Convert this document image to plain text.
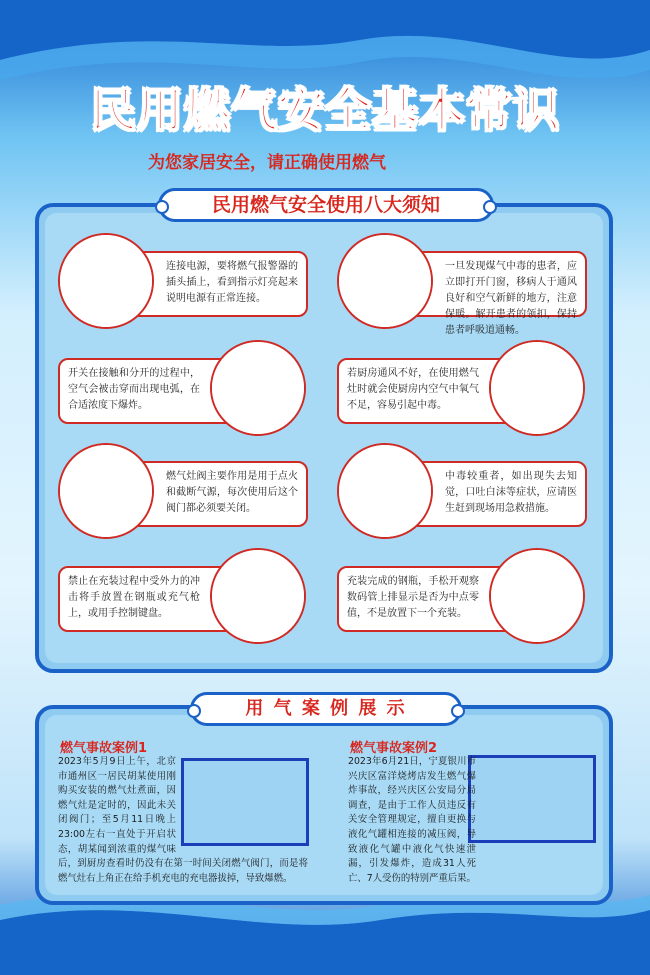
民用燃气安全基本常识
为您家居安全，请正确使用燃气
民用燃气安全使用八大须知
连接电源，要将燃气报警器的插头插上，看到指示灯亮起来说明电源有正常连接。
一旦发现煤气中毒的患者，应立即打开门窗，移病人于通风良好和空气新鲜的地方，注意保暖。解开患者的领扣，保持患者呼吸道通畅。
开关在接触和分开的过程中，空气会被击穿而出现电弧，在合适浓度下爆炸。
若厨房通风不好，在使用燃气灶时就会使厨房内空气中氧气不足，容易引起中毒。
燃气灶阀主要作用是用于点火和截断气源，每次使用后这个阀门都必须要关闭。
中毒较重者，如出现失去知觉，口吐白沫等症状，应请医生赶到现场用急救措施。
禁止在充装过程中受外力的冲击将手放置在钢瓶或充气枪上，或用手控制键盘。
充装完成的钢瓶，手松开观察数码管上排显示是否为中点零值，不是放置下一个充装。
用 气 案 例 展 示
燃气事故案例1
2023年5月9日上午，北京市通州区一居民胡某使用刚购买安装的燃气灶煮面，因燃气灶是定时的，因此未关闭阀门；至5月11日晚上23:00左右一直处于开启状态，胡某闻到浓重的煤气味后，到厨房查看时仍没有在第一时间关闭燃气阀门，而是将燃气灶右上角正在给手机充电的充电器拔掉，导致爆燃。
燃气事故案例2
2023年6月21日，宁夏银川市兴庆区富洋烧烤店发生燃气爆炸事故，经兴庆区公安局分局调查，是由于工作人员违反有关安全管理规定，擅自更换与液化气罐相连接的减压阀，导致液化气罐中液化气快速泄漏，引发爆炸，造成31人死亡、7人受伤的特别严重后果。
